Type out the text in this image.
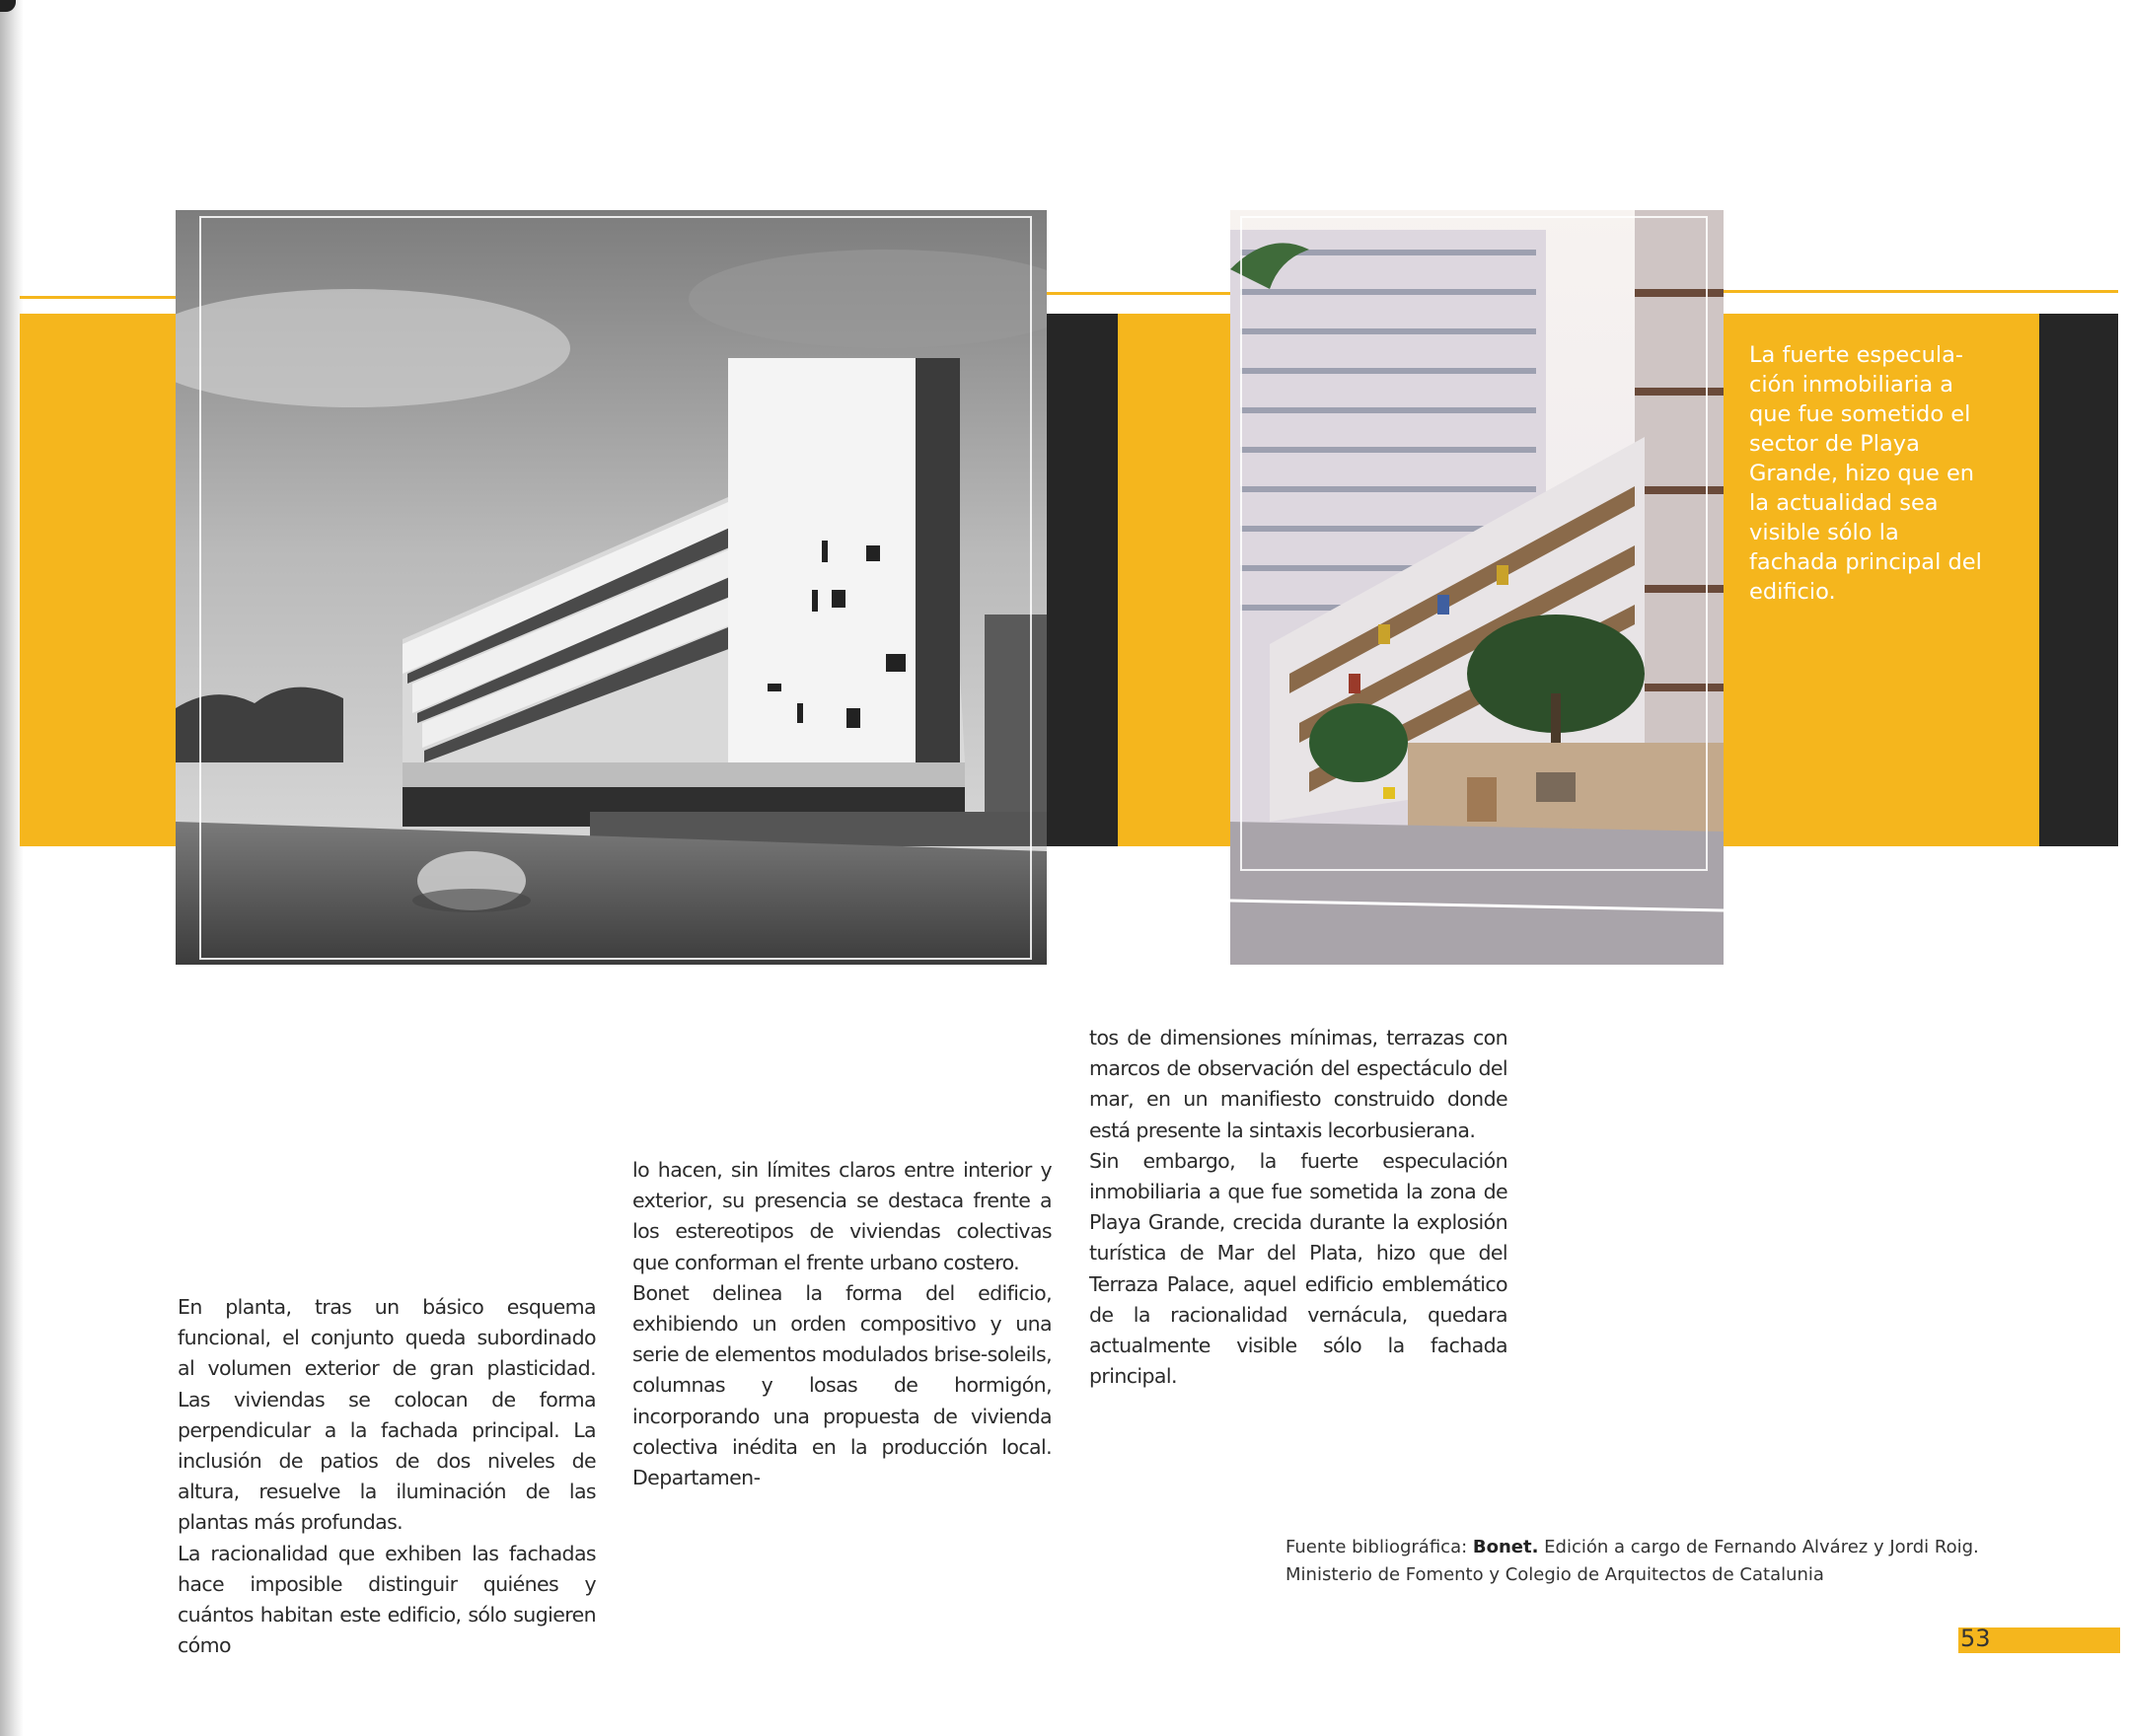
La fuerte especula-ción inmobiliaria a que fue sometido el sector de Playa Grande, hizo que en la actualidad sea visible sólo la fachada principal del edificio.

En planta, tras un básico esquema funcional, el conjunto queda subordinado al volumen exterior de gran plasticidad. Las viviendas se colocan de forma perpendicular a la fachada principal. La inclusión de patios de dos niveles de altura, resuelve la iluminación de las plantas más profundas.

La racionalidad que exhiben las fachadas hace imposible distinguir quiénes y cuántos habitan este edificio, sólo sugieren cómo

lo hacen, sin límites claros entre interior y exterior, su presencia se destaca frente a los estereotipos de viviendas colectivas que conforman el frente urbano costero.

Bonet delinea la forma del edificio, exhibiendo un orden compositivo y una serie de elementos modulados brise-soleils, columnas y losas de hormigón, incorporando una propuesta de vivienda colectiva inédita en la producción local. Departamen-

tos de dimensiones mínimas, terrazas con marcos de observación del espectáculo del mar, en un manifiesto construido donde está presente la sintaxis lecorbusierana.

Sin embargo, la fuerte especulación inmobiliaria a que fue sometida la zona de Playa Grande, crecida durante la explosión turística de Mar del Plata, hizo que del Terraza Palace, aquel edificio emblemático de la racionalidad vernácula, quedara actualmente visible sólo la fachada principal.

Fuente bibliográfica: Bonet. Edición a cargo de Fernando Alvárez y Jordi Roig.
Ministerio de Fomento y Colegio de Arquitectos de Catalunia
53
